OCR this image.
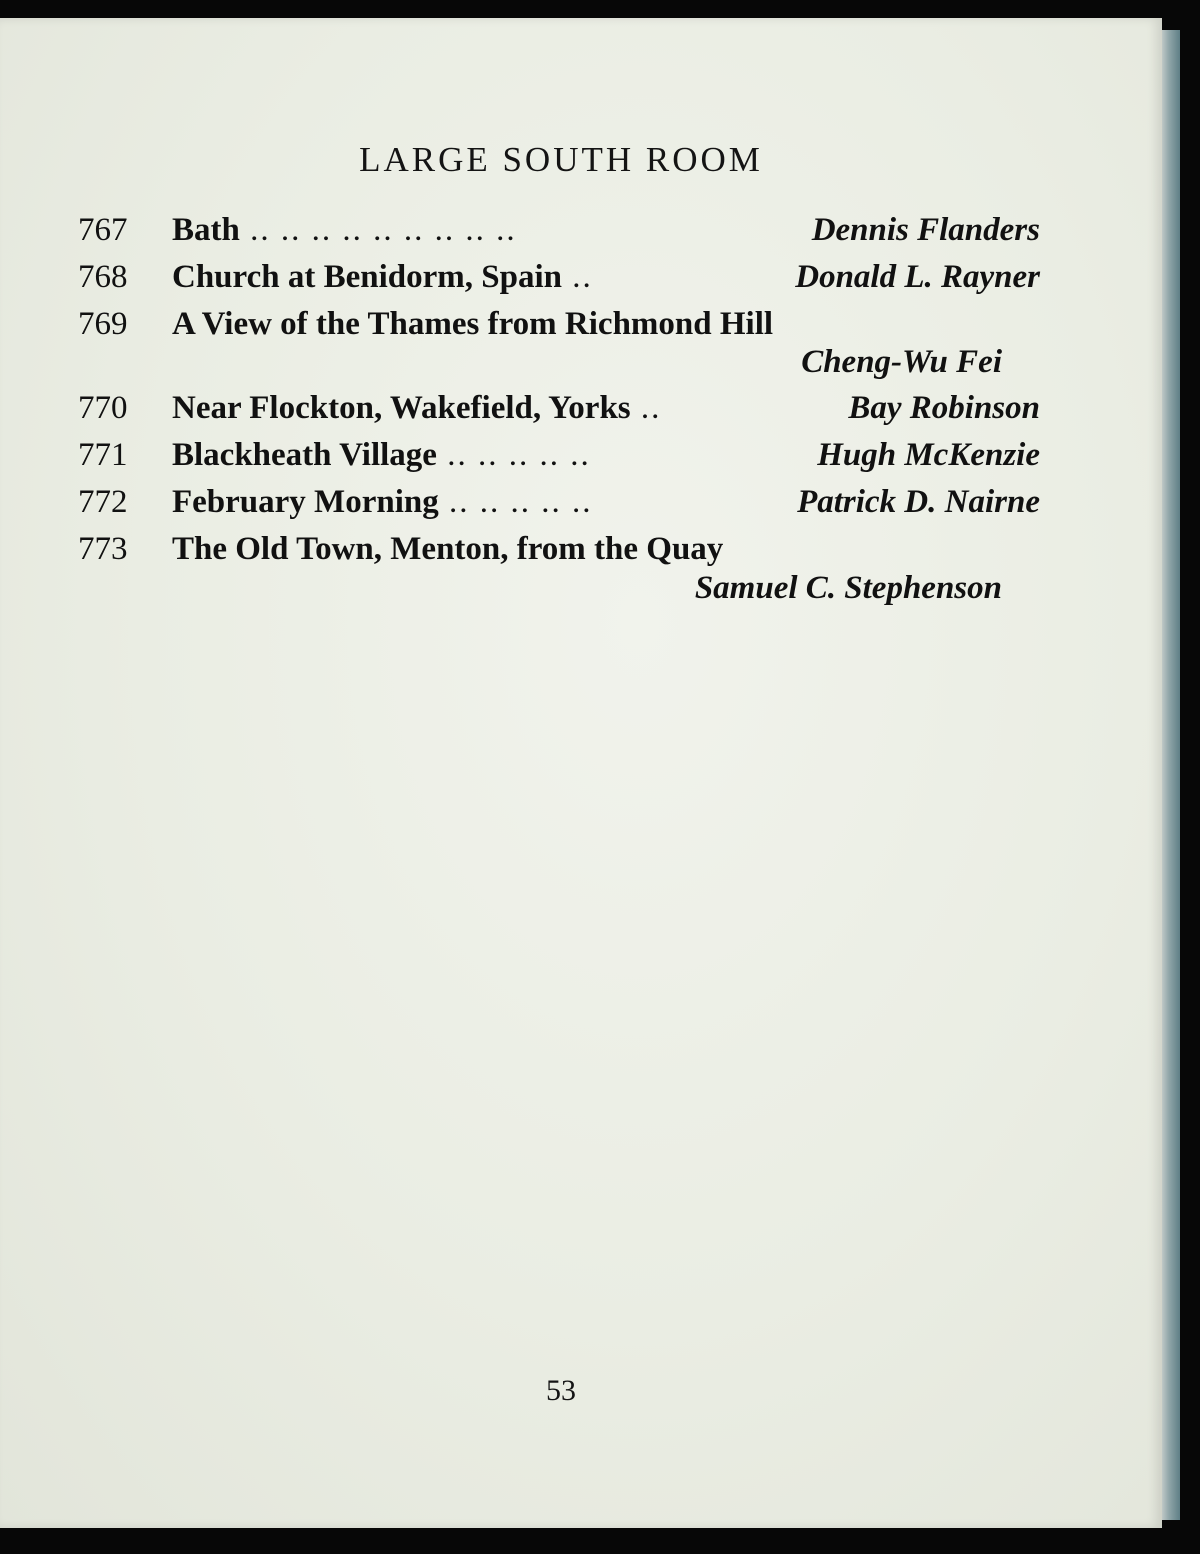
LARGE SOUTH ROOM
767 Bath .. .. .. .. .. .. .. .. ..	Dennis Flanders
768 Church at Benidorm, Spain ..	Donald L. Rayner
769 A View of the Thames from Richmond Hill
Cheng-Wu Fei
770 Near Flockton, Wakefield, Yorks ..	Bay Robinson
771 Blackheath Village .. .. .. .. ..	Hugh McKenzie
772 February Morning .. .. .. .. ..	Patrick D. Nairne
773 The Old Town, Menton, from the Quay
Samuel C. Stephenson
53
